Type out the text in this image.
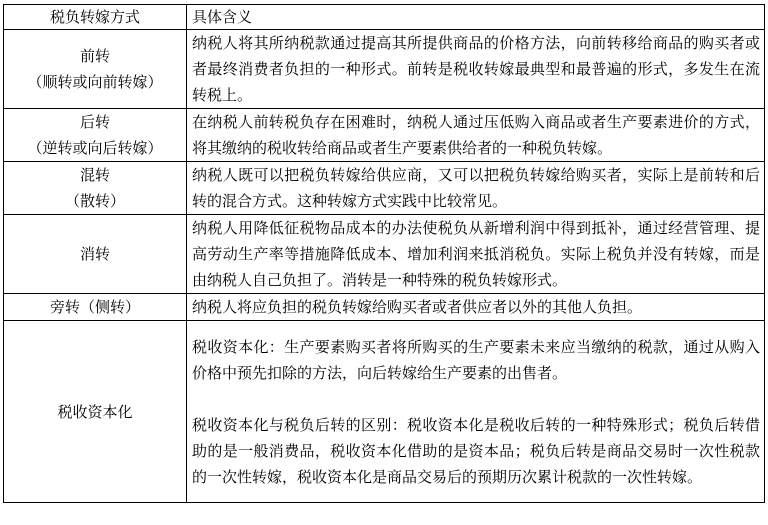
税负转嫁方式	具体含义

前转
（顺转或向前转嫁）	纳税人将其所纳税款通过提高其所提供商品的价格方法，向前转移给商品的购买者或者最终消费者负担的一种形式。前转是税收转嫁最典型和最普遍的形式，多发生在流转税上。

后转
（逆转或向后转嫁）	在纳税人前转税负存在困难时，纳税人通过压低购入商品或者生产要素进价的方式，将其缴纳的税收转给商品或者生产要素供给者的一种税负转嫁。

混转
（散转）	纳税人既可以把税负转嫁给供应商，又可以把税负转嫁给购买者，实际上是前转和后转的混合方式。这种转嫁方式实践中比较常见。

消转	纳税人用降低征税物品成本的办法使税负从新增利润中得到抵补，通过经营管理、提高劳动生产率等措施降低成本、增加利润来抵消税负。实际上税负并没有转嫁，而是由纳税人自己负担了。消转是一种特殊的税负转嫁形式。

旁转（侧转）	纳税人将应负担的税负转嫁给购买者或者供应者以外的其他人负担。

税收资本化	税收资本化：生产要素购买者将所购买的生产要素未来应当缴纳的税款，通过从购入价格中预先扣除的方法，向后转嫁给生产要素的出售者。
税收资本化与税负后转的区别：税收资本化是税收后转的一种特殊形式；税负后转借助的是一般消费品，税收资本化借助的是资本品；税负后转是商品交易时一次性税款的一次性转嫁，税收资本化是商品交易后的预期历次累计税款的一次性转嫁。
